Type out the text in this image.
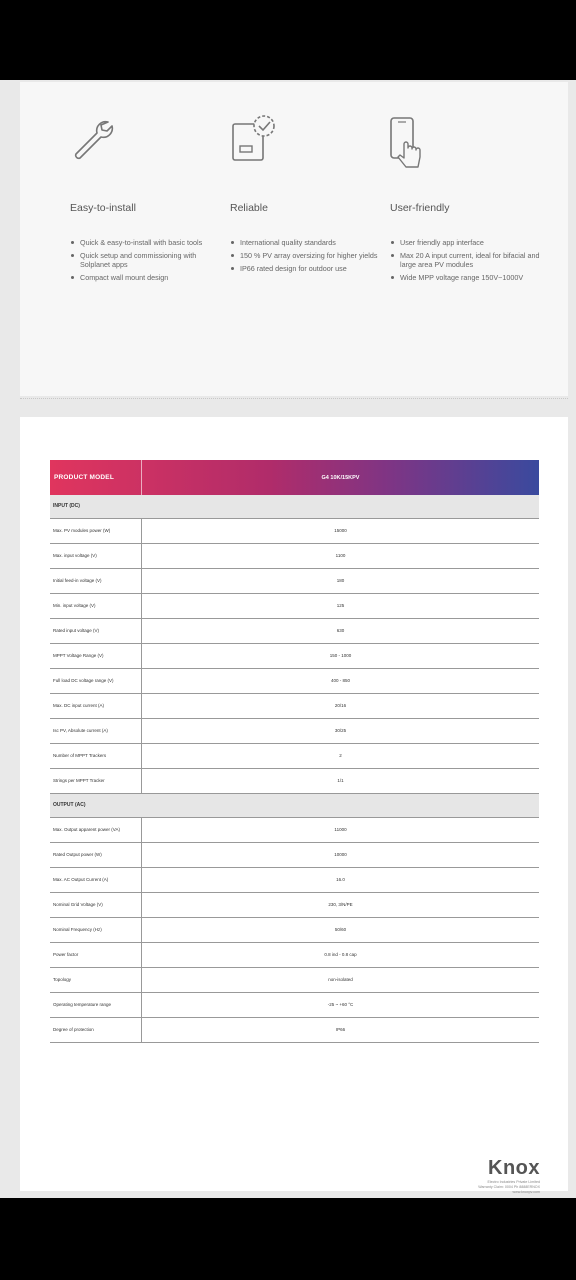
Easy-to-install
Quick & easy-to-install with basic tools
Quick setup and commissioning with Solplanet apps
Compact wall mount design
Reliable
International quality standards
150 % PV array oversizing for higher yields
IP66 rated design for outdoor use
User-friendly
User friendly app interface
Max 20 A input current, ideal for bifacial and large area PV modules
Wide MPP voltage range 150V~1000V
PRODUCT MODEL	G4 10K/15KPV
INPUT (DC)
Max. PV modules power (W)	15000
Max. input voltage (V)	1100
Initial feed-in voltage (V)	180
Min. input voltage (V)	125
Rated input voltage (V)	630
MPPT Voltage Range (V)	150 - 1000
Full load DC voltage range (V)	400 - 850
Max. DC input current (A)	20/16
Isc PV, Absolute current (A)	30/25
Number of MPPT Trackers	2
Strings per MPPT Tracker	1/1
OUTPUT (AC)
Max. Output apparent power (VA)	11000
Rated Output power (W)	10000
Max. AC Output Current (A)	16.0
Nominal Grid Voltage (V)	230, 3/N/PE
Nominal Frequency (Hz)	50/60
Power factor	0.8 ind - 0.8 cap
Topology	non-isolated
Operating temperature range	-25 ~ +60 °C
Degree of protection	IP66
Knox
Electro Industries Private Limited
Warranty Claim: 0004 Ph 8888ERNOX
www.knoxpv.com
